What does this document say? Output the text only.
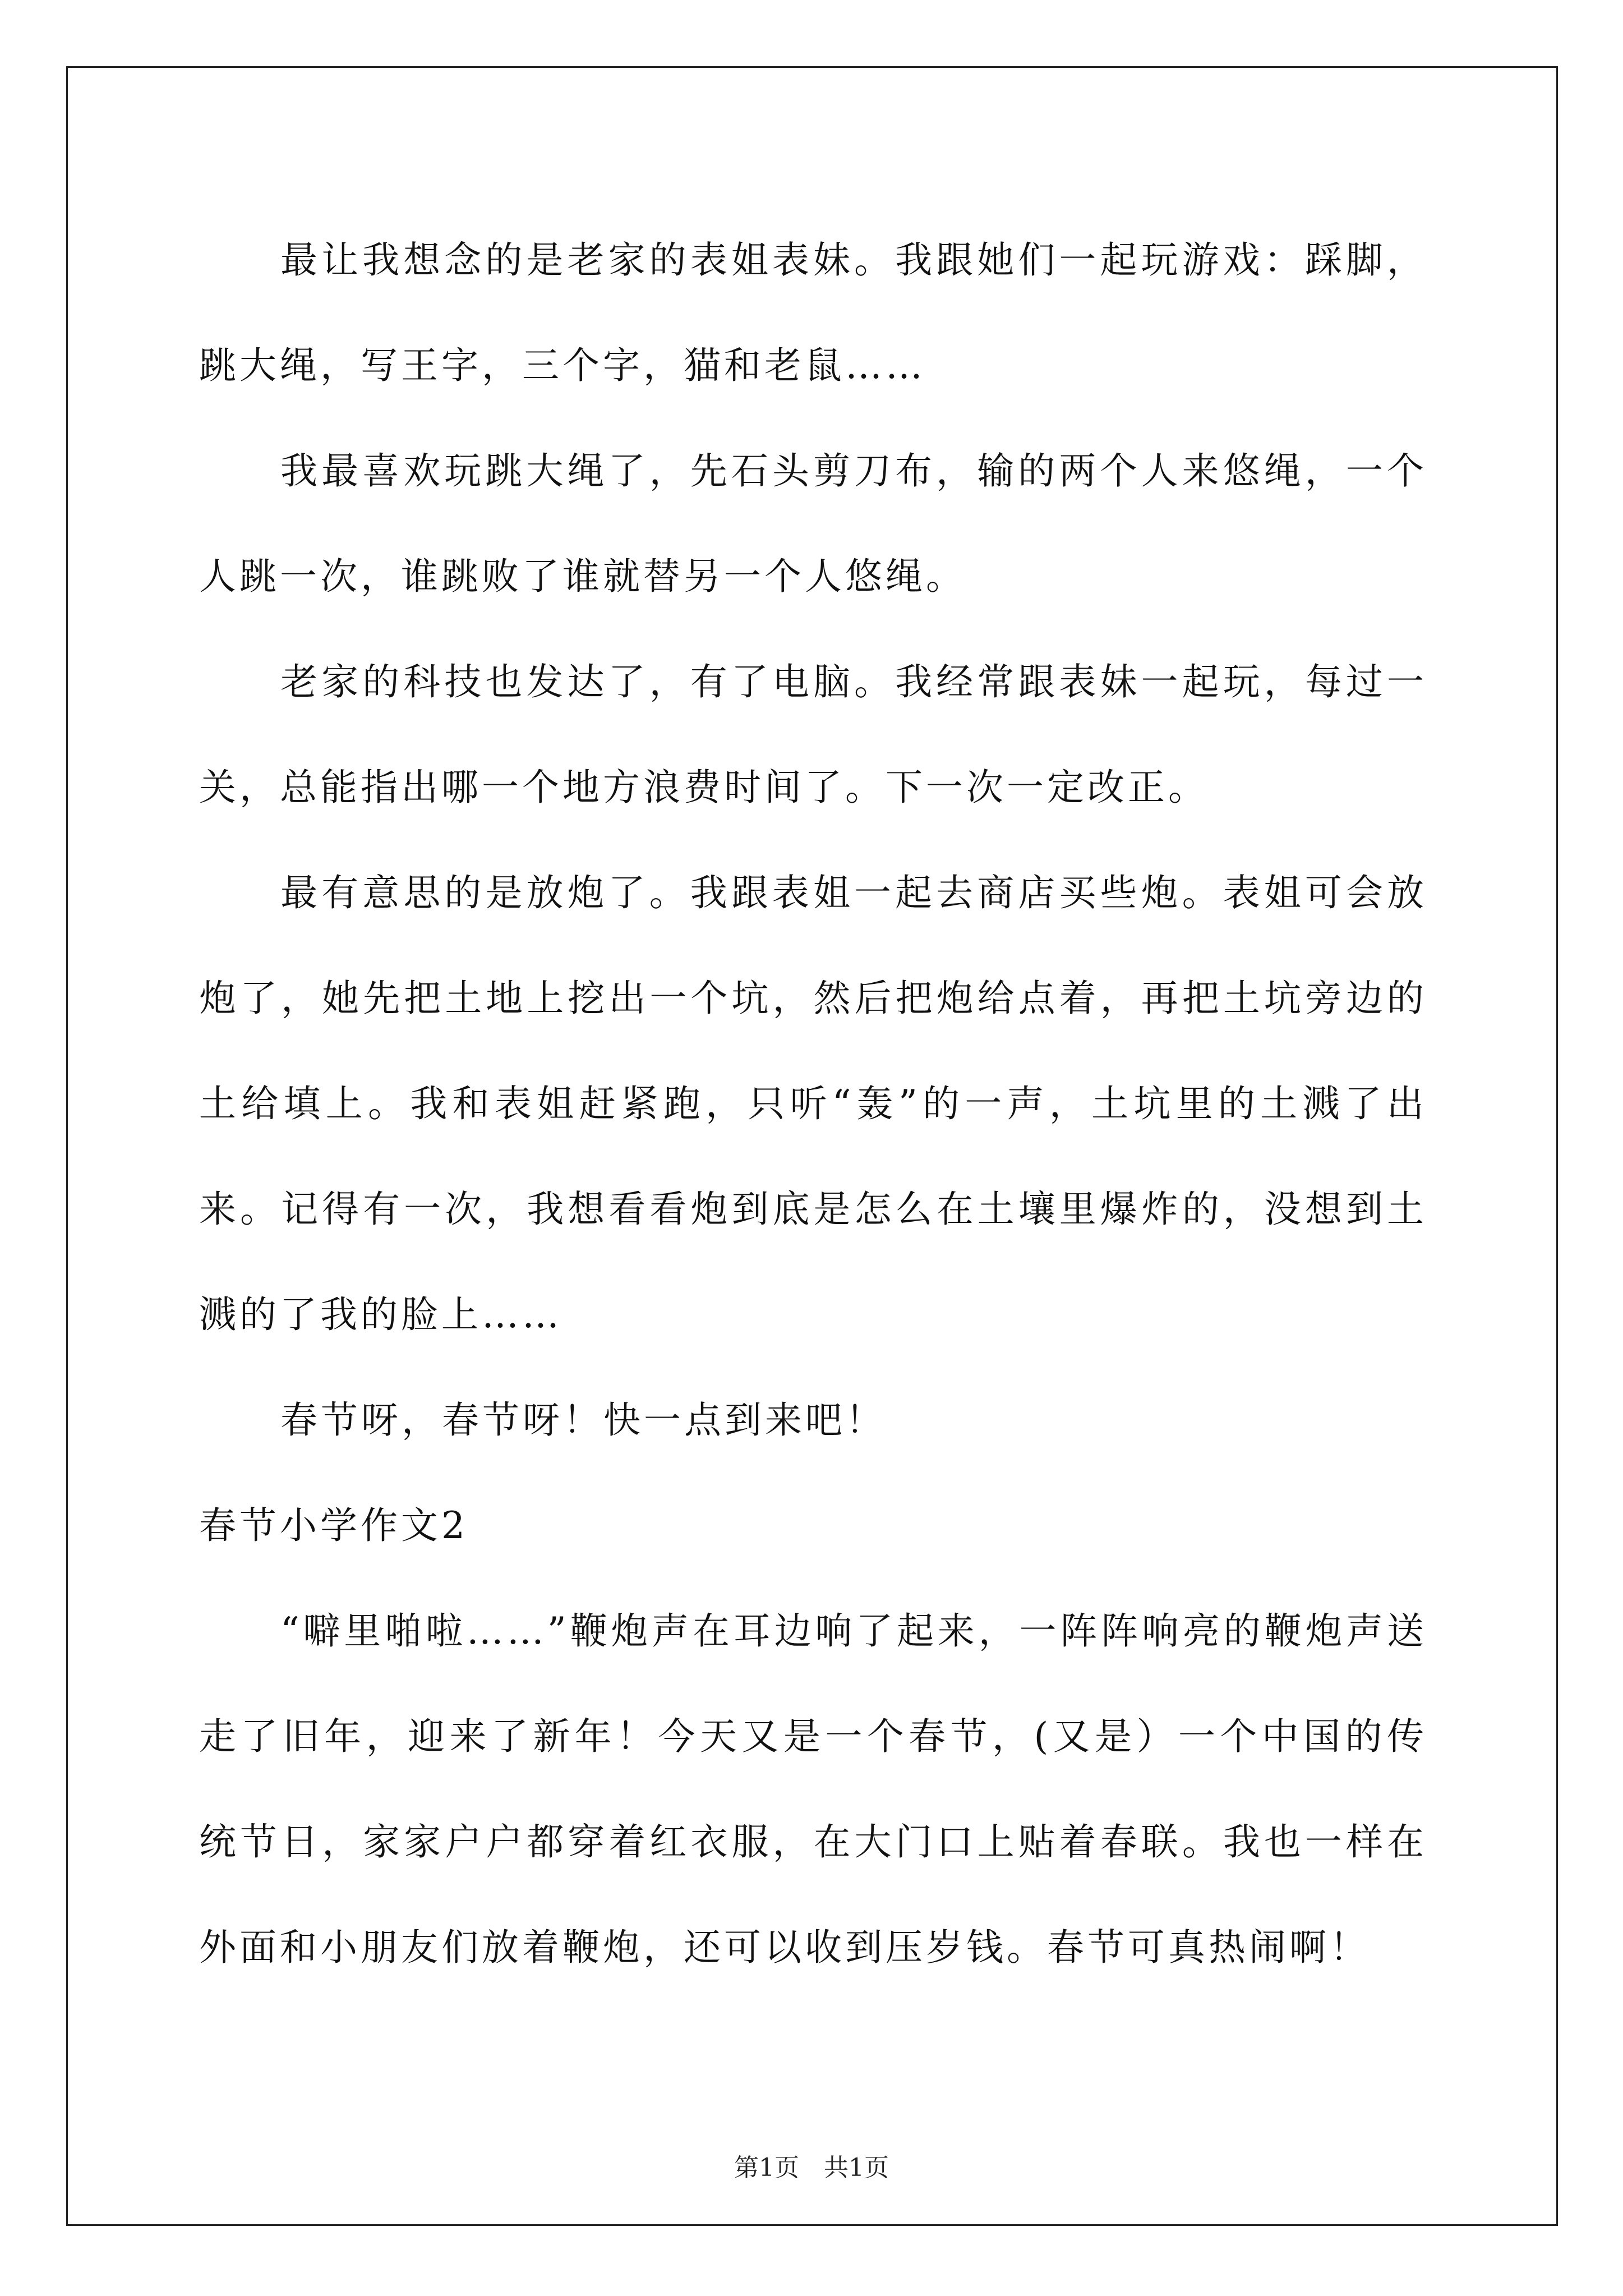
最让我想念的是老家的表姐表妹。我跟她们一起玩游戏：踩脚，跳大绳，写王字，三个字，猫和老鼠……

我最喜欢玩跳大绳了，先石头剪刀布，输的两个人来悠绳，一个人跳一次，谁跳败了谁就替另一个人悠绳。

老家的科技也发达了，有了电脑。我经常跟表妹一起玩，每过一关，总能指出哪一个地方浪费时间了。下一次一定改正。

最有意思的是放炮了。我跟表姐一起去商店买些炮。表姐可会放炮了，她先把土地上挖出一个坑，然后把炮给点着，再把土坑旁边的土给填上。我和表姐赶紧跑，只听“轰”的一声，土坑里的土溅了出来。记得有一次，我想看看炮到底是怎么在土壤里爆炸的，没想到土溅的了我的脸上……

春节呀，春节呀！快一点到来吧！

春节小学作文2

“噼里啪啦……”鞭炮声在耳边响了起来，一阵阵响亮的鞭炮声送走了旧年，迎来了新年！今天又是一个春节，(又是）一个中国的传统节日，家家户户都穿着红衣服，在大门口上贴着春联。我也一样在外面和小朋友们放着鞭炮，还可以收到压岁钱。春节可真热闹啊！

第1页　共1页
